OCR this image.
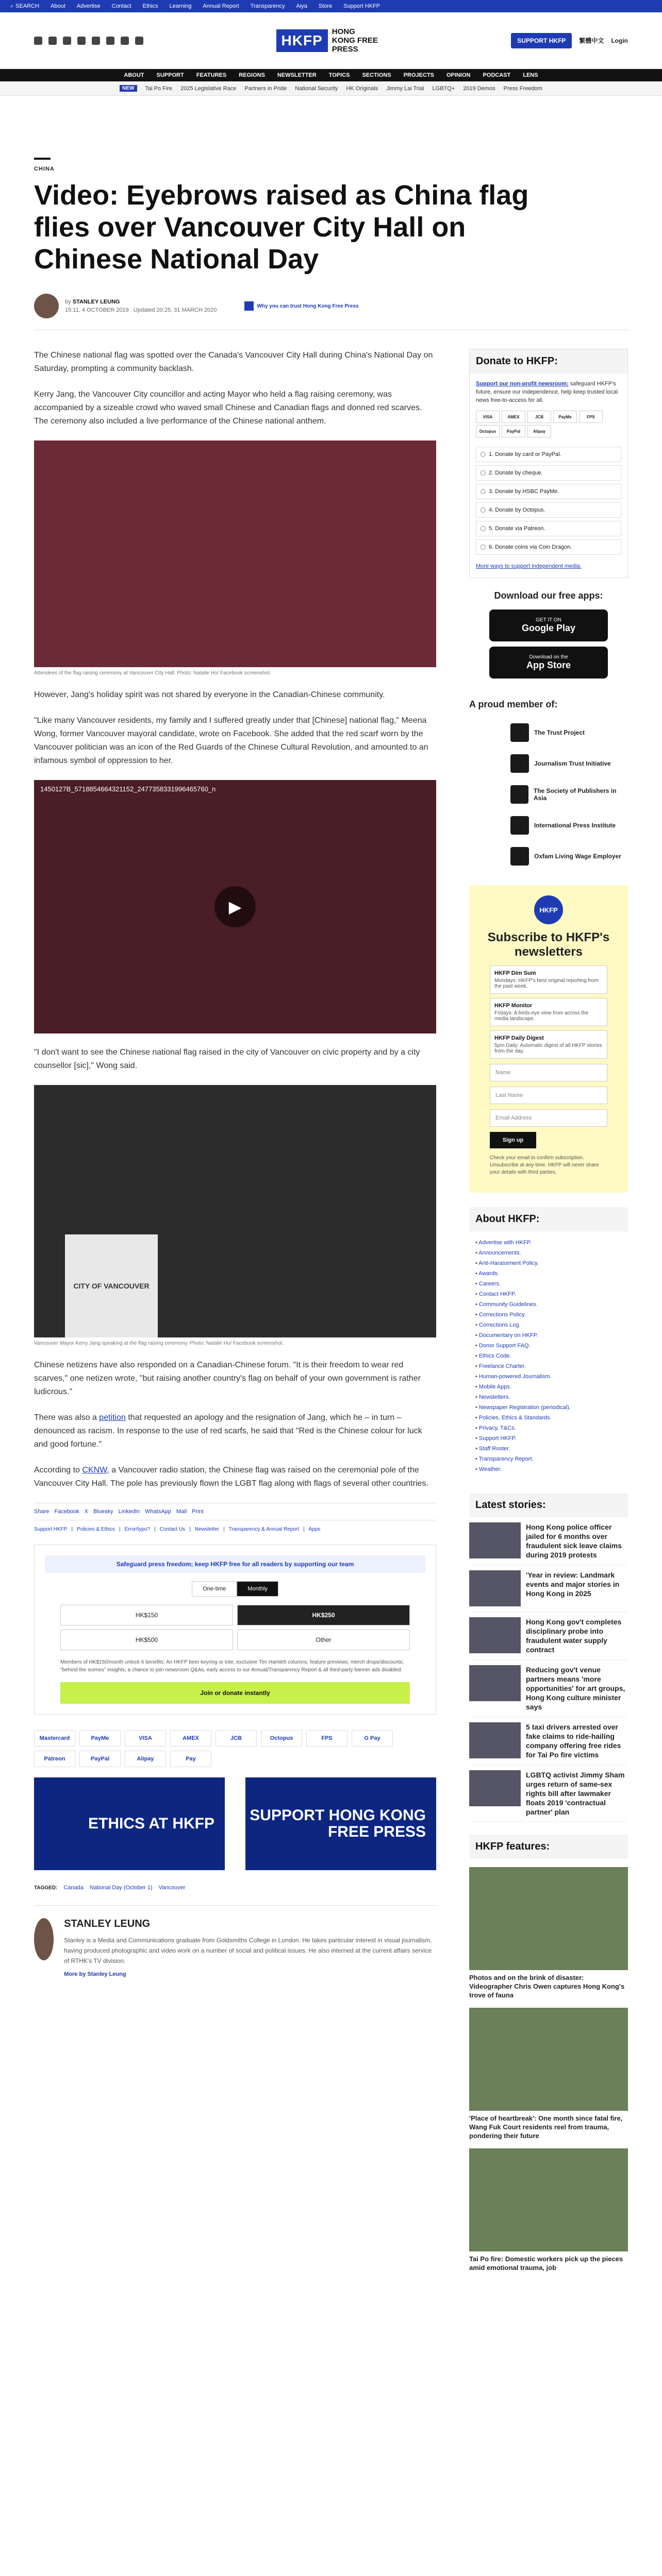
⌕ SEARCH About Advertise Contact Ethics Learning Annual Report Transparency Aiya Store Support HKFP
HKFP
HONG KONG FREE PRESS
SUPPORT HKFP	繁體中文 Login
ABOUT SUPPORT FEATURES REGIONS NEWSLETTER TOPICS SECTIONS PROJECTS OPINION PODCAST LENS
NEW	Tai Po Fire 2025 Legislative Race Partners in Pride National Security HK Originals Jimmy Lai Trial LGBTQ+ 2019 Demos Press Freedom
CHINA
Video: Eyebrows raised as China flag flies over Vancouver City Hall on Chinese National Day
by STANLEY LEUNG
15:11, 4 OCTOBER 2019 Updated 20:25, 31 MARCH 2020
Why you can trust Hong Kong Free Press

The Chinese national flag was spotted over the Canada's Vancouver City Hall during China's National Day on Saturday, prompting a community backlash.

Kerry Jang, the Vancouver City councillor and acting Mayor who held a flag raising ceremony, was accompanied by a sizeable crowd who waved small Chinese and Canadian flags and donned red scarves. The ceremony also included a live performance of the Chinese national anthem.

Attendees of the flag raising ceremony at Vancouver City Hall. Photo: Natalie Ho/ Facebook screenshot.

However, Jang's holiday spirit was not shared by everyone in the Canadian-Chinese community.

"Like many Vancouver residents, my family and I suffered greatly under that [Chinese] national flag," Meena Wong, former Vancouver mayoral candidate, wrote on Facebook. She added that the red scarf worn by the Vancouver politician was an icon of the Red Guards of the Chinese Cultural Revolution, and amounted to an infamous symbol of oppression to her.

1450127B_5718854664321152_2477358331996465760_n
▶

"I don't want to see the Chinese national flag raised in the city of Vancouver on civic property and by a city counsellor [sic]," Wong said.

CITY OF VANCOUVER
Vancouver Mayor Kerry Jang speaking at the flag raising ceremony. Photo: Natalie Ho/ Facebook screenshot.

Chinese netizens have also responded on a Canadian-Chinese forum. "It is their freedom to wear red scarves," one netizen wrote, "but raising another country's flag on behalf of your own government is rather ludicrous."

There was also a petition that requested an apology and the resignation of Jang, which he – in turn – denounced as racism. In response to the use of red scarfs, he said that "Red is the Chinese colour for luck and good fortune."

According to CKNW, a Vancouver radio station, the Chinese flag was raised on the ceremonial pole of the Vancouver City Hall. The pole has previously flown the LGBT flag along with flags of several other countries.

Share Facebook X Bluesky LinkedIn WhatsApp Mail Print
Support HKFP | Policies & Ethics | Error/typo? | Contact Us | Newsletter | Transparency & Annual Report | Apps
Safeguard press freedom; keep HKFP free for all readers by supporting our team
One-time	Monthly
HK$150	HK$250
HK$500	Other
Members of HK$150/month unlock 6 benefits: An HKFP beer keyring or tote; exclusive Tim Hamlett columns; feature previews; merch drops/discounts; "behind the scenes" insights; a chance to join newsroom Q&As, early access to our Annual/Transparency Report & all third-party banner ads disabled.
Join or donate instantly
Mastercard	PayMe	VISA	AMEX	JCB	Octopus	FPS	G Pay
Patreon	PayPal	Alipay	Pay
ETHICS AT HKFP	SUPPORT HONG KONG FREE PRESS
TAGGED: Canada National Day (October 1) Vancouver
STANLEY LEUNG

Stanley is a Media and Communications graduate from Goldsmiths College in London. He takes particular interest in visual journalism, having produced photographic and video work on a number of social and political issues. He also interned at the current affairs service of RTHK's TV division.

More by Stanley Leung
Donate to HKFP:
Support our non-profit newsroom: safeguard HKFP's future, ensure our independence, help keep trusted local news free-to-access for all.
VISA	AMEX	JCB	PayMe	FPS
Octopus	PayPal	Alipay
1. Donate by card or PayPal.
2. Donate by cheque.
3. Donate by HSBC PayMe.
4. Donate by Octopus.
5. Donate via Patreon.
6. Donate coins via Coin Dragon.
More ways to support independent media.
Download our free apps:
GET IT ON
Google Play
Download on the
App Store
A proud member of:
The Trust Project
Journalism Trust Initiative
The Society of Publishers in Asia
International Press Institute
Oxfam Living Wage Employer
HKFP
Subscribe to HKFP's newsletters
HKFP Dim Sum
Mondays: HKFP's best original reporting from the past week.
HKFP Monitor
Fridays: A birds-eye view from across the media landscape.
HKFP Daily Digest
5pm Daily: Automatic digest of all HKFP stories from the day.
Name
Last Name
Email Address
Sign up
Check your email to confirm subscription. Unsubscribe at any time. HKFP will never share your details with third parties.
About HKFP:
• Advertise with HKFP.
• Announcements.
• Anti-Harassment Policy.
• Awards.
• Careers.
• Contact HKFP.
• Community Guidelines.
• Corrections Policy.
• Corrections Log.
• Documentary on HKFP.
• Donor Support FAQ.
• Ethics Code.
• Freelance Charter.
• Human-powered Journalism.
• Mobile Apps.
• Newsletters.
• Newspaper Registration (periodical).
• Policies, Ethics & Standards.
• Privacy, T&Cs.
• Support HKFP.
• Staff Roster.
• Transparency Report.
• Weather.
Latest stories:
Hong Kong police officer jailed for 6 months over fraudulent sick leave claims during 2019 protests
'Year in review: Landmark events and major stories in Hong Kong in 2025
Hong Kong gov't completes disciplinary probe into fraudulent water supply contract
Reducing gov't venue partners means 'more opportunities' for art groups, Hong Kong culture minister says
5 taxi drivers arrested over fake claims to ride-hailing company offering free rides for Tai Po fire victims
LGBTQ activist Jimmy Sham urges return of same-sex rights bill after lawmaker floats 2019 'contractual partner' plan
HKFP features:
Photos and on the brink of disaster: Videographer Chris Owen captures Hong Kong's trove of fauna
'Place of heartbreak': One month since fatal fire, Wang Fuk Court residents reel from trauma, pondering their future
Tai Po fire: Domestic workers pick up the pieces amid emotional trauma, job
